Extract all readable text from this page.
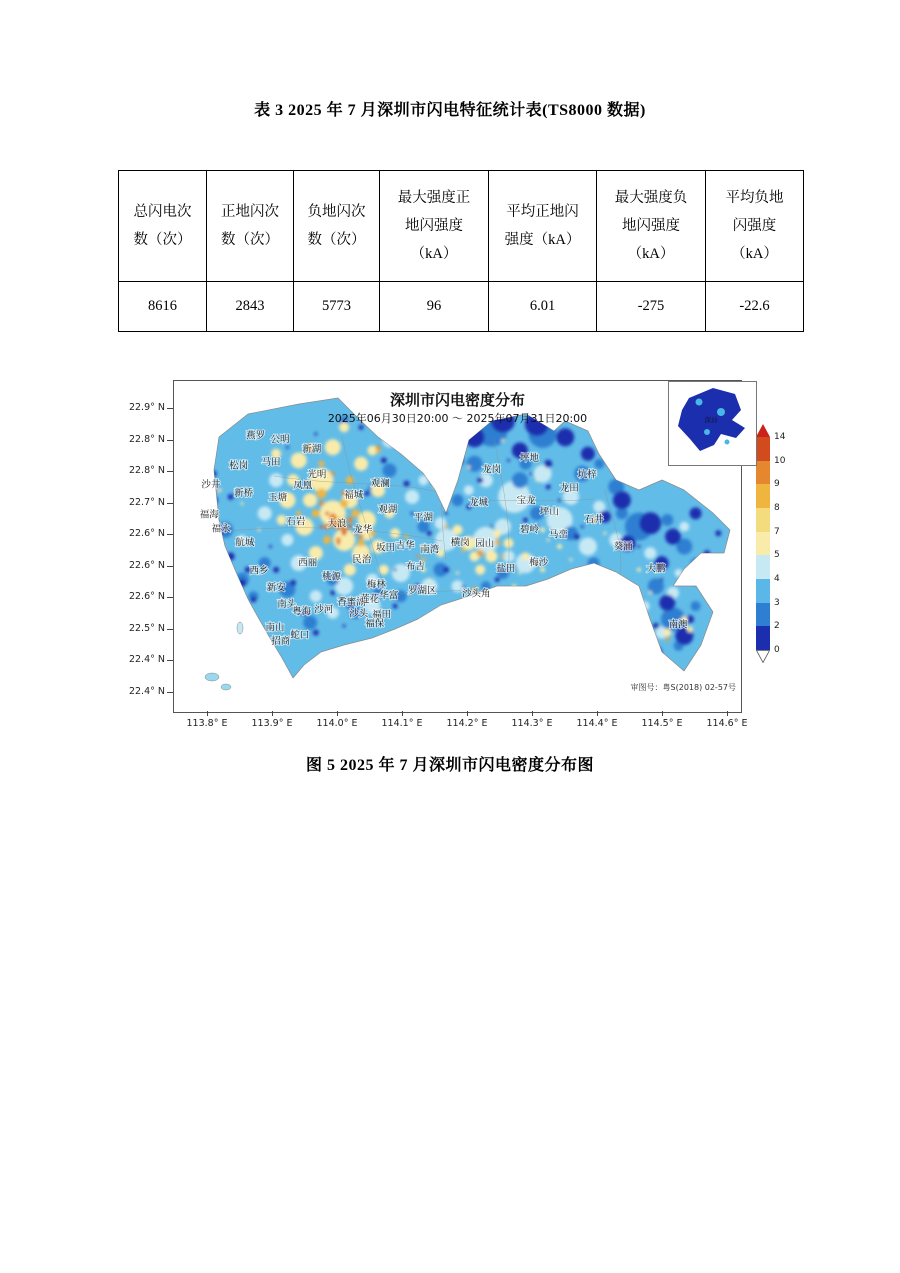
表 3 2025 年 7 月深圳市闪电特征统计表(TS8000 数据)
总闪电次数（次）	正地闪次数（次）	负地闪次数（次）	最大强度正地闪强度（kA）	平均正地闪强度（kA）	最大强度负地闪强度（kA）	平均负地闪强度（kA）
8616	2843	5773	96	6.01	-275	-22.6
燕罗 公明
新湖
松岗 马田
光明
沙井	凤凰	观澜
新桥 玉塘	福城
观湖
平湖
福海
福永
石岩 大浪
龙华
航城	坂田 吉华 南湾
横岗 园山
西丽	民治
布吉
西乡
桃源
新安	梅林
罗湖区	沙头角
南头	香蜜湖
莲花 华富
粤海 沙河 沙头 福田
福保
南山
蛇口
招商
坪地
龙岗	坑梓
龙田
龙城	宝龙
坪山
石井
碧岭 马峦
葵涌
梅沙
盐田	大鹏
南澳
深圳市闪电密度分布
2025年06月30日20:00 ～ 2025年07月31日20:00
审图号：粤S(2018) 02-57号
深汕
22.9° N
22.8° N
22.8° N
22.7° N
22.6° N
22.6° N
22.6° N
22.5° N
22.4° N
22.4° N
113.8° E	113.9° E	114.0° E	114.1° E	114.2° E	114.3° E	114.4° E	114.5° E	114.6° E
14
10
9
8
7
5
4
3
2
0
图 5 2025 年 7 月深圳市闪电密度分布图
